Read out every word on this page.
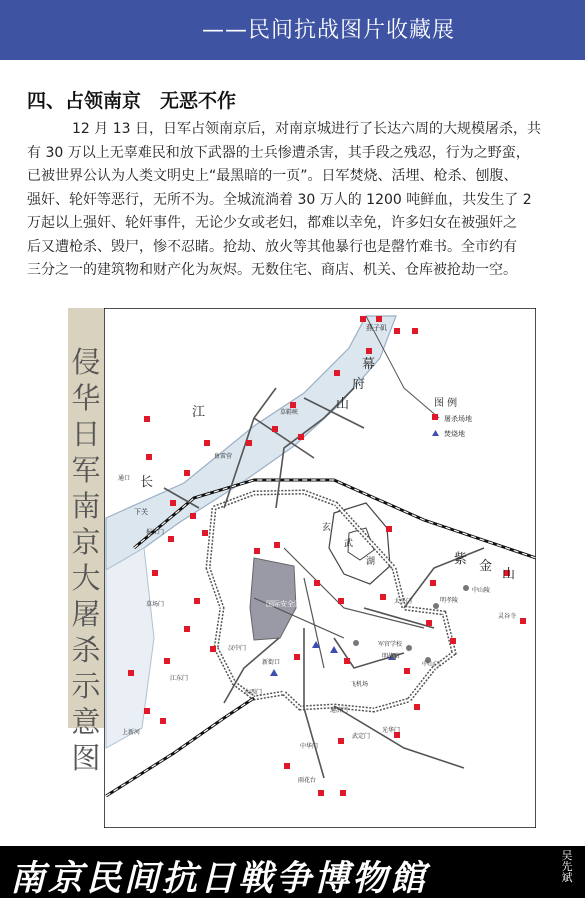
——民间抗战图片收藏展
四、占领南京　无恶不作
12 月 13 日，日军占领南京后，对南京城进行了长达六周的大规模屠杀，共
有 30 万以上无辜难民和放下武器的士兵惨遭杀害，其手段之残忍，行为之野蛮，
已被世界公认为人类文明史上“最黑暗的一页”。日军焚烧、活埋、枪杀、刨腹、
强奸、轮奸等恶行，无所不为。全城流淌着 30 万人的 1200 吨鲜血，共发生了 2
万起以上强奸、轮奸事件，无论少女或老妇，都难以幸免，许多妇女在被强奸之
后又遭枪杀、毁尸，惨不忍睹。抢劫、放火等其他暴行也是罄竹难书。全市约有
三分之一的建筑物和财产化为灰烬。无数住宅、商店、机关、仓库被抢劫一空。
侵华日军南京大屠杀示意图
图 例
屠杀场地
焚烧地
燕子矶
幕
府
山
草鞋峡
江
长
鱼雷营
通口
下关
挹江门	玄
武
湖	紫 金
山
中山陵
明孝陵
灵谷寺
太平门
草场门	国际安全区
汉中门
新街口
军官学校
明故宫
中山门
飞机场
江东门
水西门
通济门
上新河	光华门
武定门
中华门
雨花台
南京民间抗日戦争博物館
吴先斌
